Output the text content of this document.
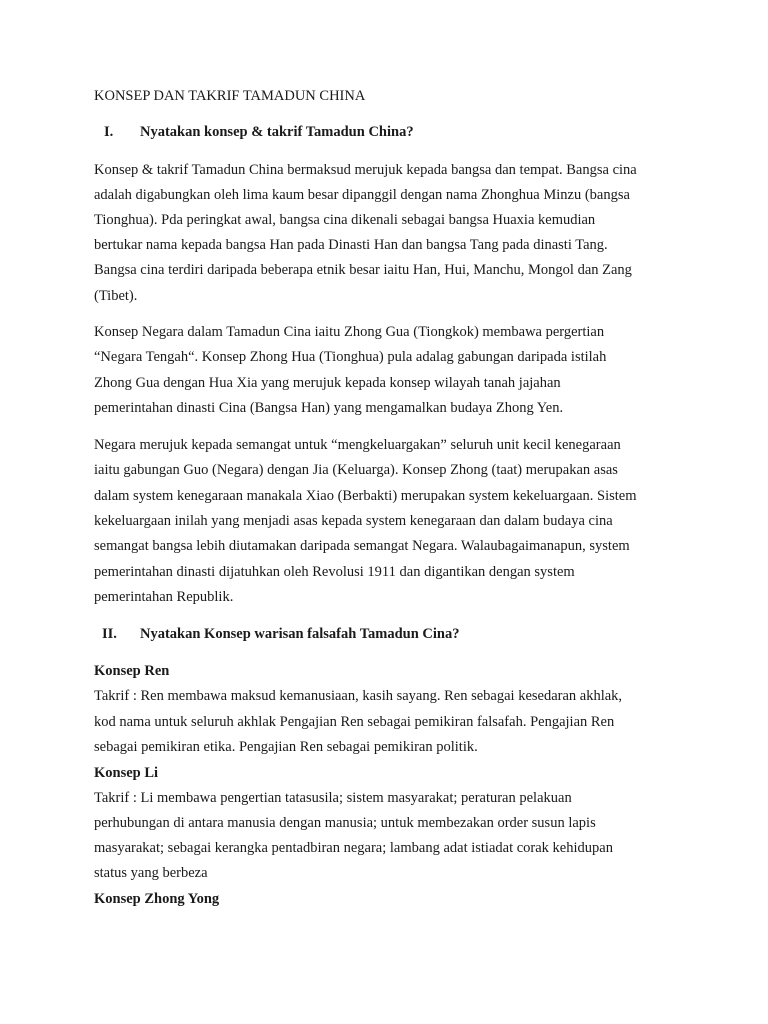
KONSEP DAN TAKRIF TAMADUN CHINA
I. Nyatakan konsep & takrif Tamadun China?
Konsep & takrif Tamadun China bermaksud merujuk kepada bangsa dan tempat. Bangsa cina
adalah digabungkan oleh lima kaum besar dipanggil dengan nama Zhonghua Minzu (bangsa
Tionghua). Pda peringkat awal, bangsa cina dikenali sebagai bangsa Huaxia kemudian
bertukar nama kepada bangsa Han pada Dinasti Han dan bangsa Tang pada dinasti Tang.
Bangsa cina terdiri daripada beberapa etnik besar iaitu Han, Hui, Manchu, Mongol dan Zang
(Tibet).
Konsep Negara dalam Tamadun Cina iaitu Zhong Gua (Tiongkok) membawa pergertian
“Negara Tengah“. Konsep Zhong Hua (Tionghua) pula adalag gabungan daripada istilah
Zhong Gua dengan Hua Xia yang merujuk kepada konsep wilayah tanah jajahan
pemerintahan dinasti Cina (Bangsa Han) yang mengamalkan budaya Zhong Yen.
Negara merujuk kepada semangat untuk “mengkeluargakan” seluruh unit kecil kenegaraan
iaitu gabungan Guo (Negara) dengan Jia (Keluarga). Konsep Zhong (taat) merupakan asas
dalam system kenegaraan manakala Xiao (Berbakti) merupakan system kekeluargaan. Sistem
kekeluargaan inilah yang menjadi asas kepada system kenegaraan dan dalam budaya cina
semangat bangsa lebih diutamakan daripada semangat Negara. Walaubagaimanapun, system
pemerintahan dinasti dijatuhkan oleh Revolusi 1911 dan digantikan dengan system
pemerintahan Republik.
II. Nyatakan Konsep warisan falsafah Tamadun Cina?
Konsep Ren
Takrif : Ren membawa maksud kemanusiaan, kasih sayang. Ren sebagai kesedaran akhlak,
kod nama untuk seluruh akhlak Pengajian Ren sebagai pemikiran falsafah. Pengajian Ren
sebagai pemikiran etika. Pengajian Ren sebagai pemikiran politik.
Konsep Li
Takrif : Li membawa pengertian tatasusila; sistem masyarakat; peraturan pelakuan
perhubungan di antara manusia dengan manusia; untuk membezakan order susun lapis
masyarakat; sebagai kerangka pentadbiran negara; lambang adat istiadat corak kehidupan
status yang berbeza
Konsep Zhong Yong
